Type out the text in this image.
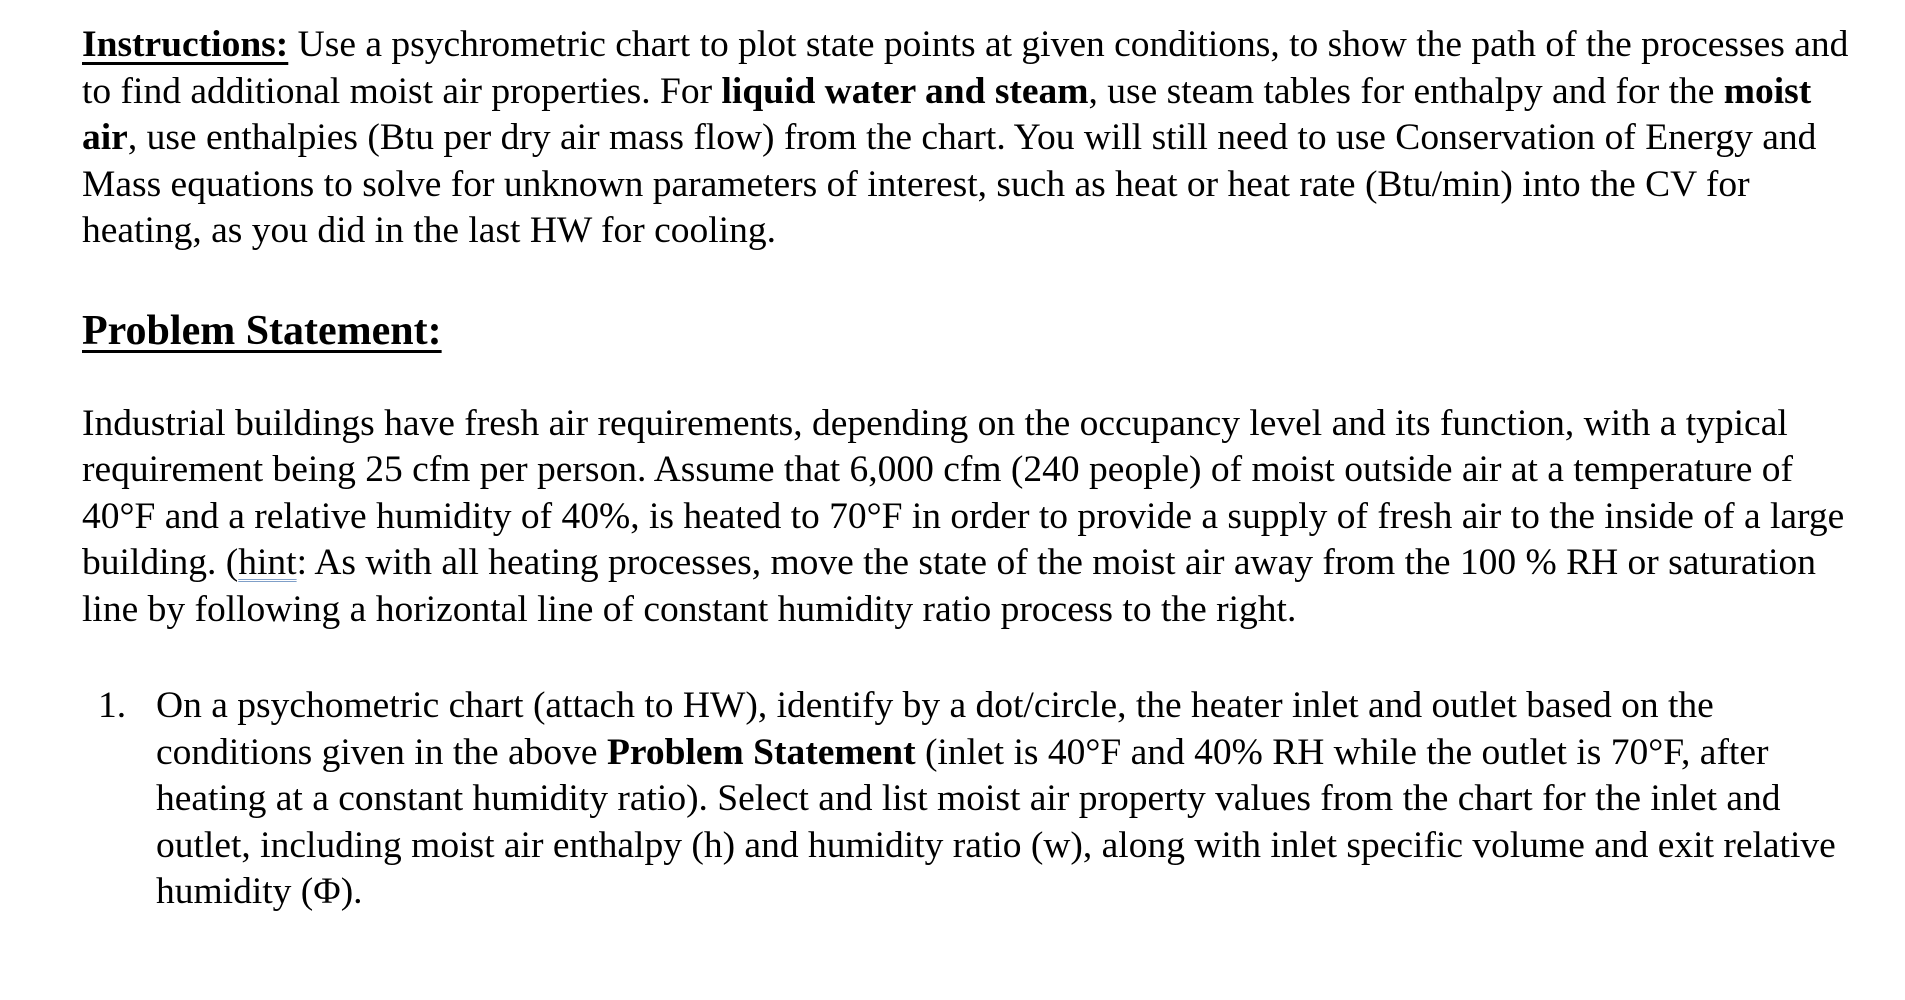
Instructions: Use a psychrometric chart to plot state points at given conditions, to show the path of the processes and to find additional moist air properties. For liquid water and steam, use steam tables for enthalpy and for the moist air, use enthalpies (Btu per dry air mass flow) from the chart. You will still need to use Conservation of Energy and Mass equations to solve for unknown parameters of interest, such as heat or heat rate (Btu/min) into the CV for heating, as you did in the last HW for cooling.

Problem Statement:

Industrial buildings have fresh air requirements, depending on the occupancy level and its function, with a typical requirement being 25 cfm per person. Assume that 6,000 cfm (240 people) of moist outside air at a temperature of 40°F and a relative humidity of 40%, is heated to 70°F in order to provide a supply of fresh air to the inside of a large building. (hint: As with all heating processes, move the state of the moist air away from the 100 % RH or saturation line by following a horizontal line of constant humidity ratio process to the right.

1. On a psychometric chart (attach to HW), identify by a dot/circle, the heater inlet and outlet based on the conditions given in the above Problem Statement (inlet is 40°F and 40% RH while the outlet is 70°F, after heating at a constant humidity ratio). Select and list moist air property values from the chart for the inlet and outlet, including moist air enthalpy (h) and humidity ratio (w), along with inlet specific volume and exit relative humidity (Φ).
